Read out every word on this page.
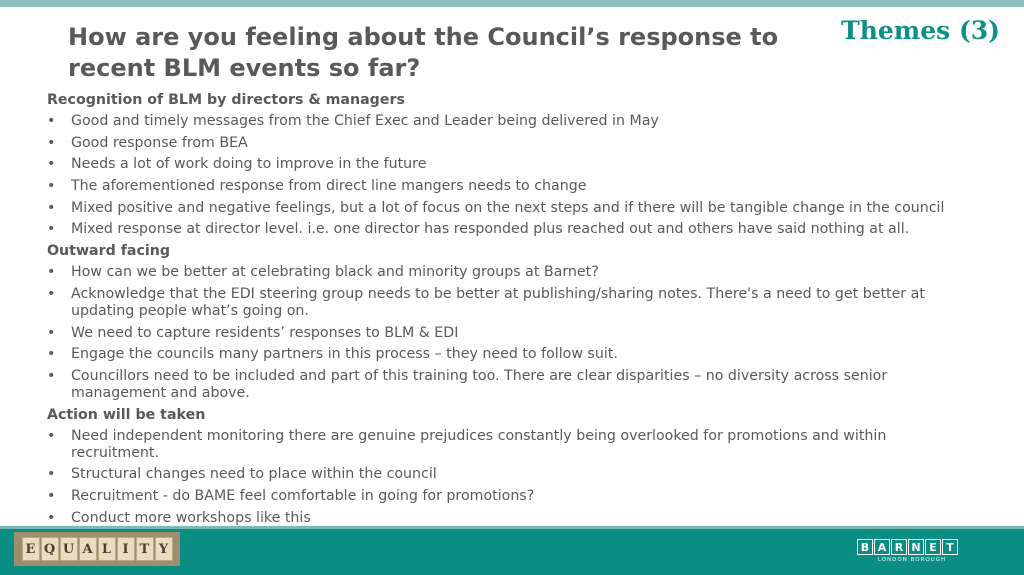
How are you feeling about the Council’s response to recent BLM events so far?
Themes (3)
Recognition of BLM by directors & managers
• Good and timely messages from the Chief Exec and Leader being delivered in May
• Good response from BEA
• Needs a lot of work doing to improve in the future
• The aforementioned response from direct line mangers needs to change
• Mixed positive and negative feelings, but a lot of focus on the next steps and if there will be tangible change in the council
• Mixed response at director level. i.e. one director has responded plus reached out and others have said nothing at all.
Outward facing
• How can we be better at celebrating black and minority groups at Barnet?
• Acknowledge that the EDI steering group needs to be better at publishing/sharing notes. There's a need to get better at updating people what’s going on.
• We need to capture residents’ responses to BLM & EDI
• Engage the councils many partners in this process – they need to follow suit.
• Councillors need to be included and part of this training too. There are clear disparities – no diversity across senior management and above.
Action will be taken
• Need independent monitoring there are genuine prejudices constantly being overlooked for promotions and within recruitment.
• Structural changes need to place within the council
• Recruitment - do BAME feel comfortable in going for promotions?
• Conduct more workshops like this
E Q U A L I T Y	B A R N E T
LONDON BOROUGH
